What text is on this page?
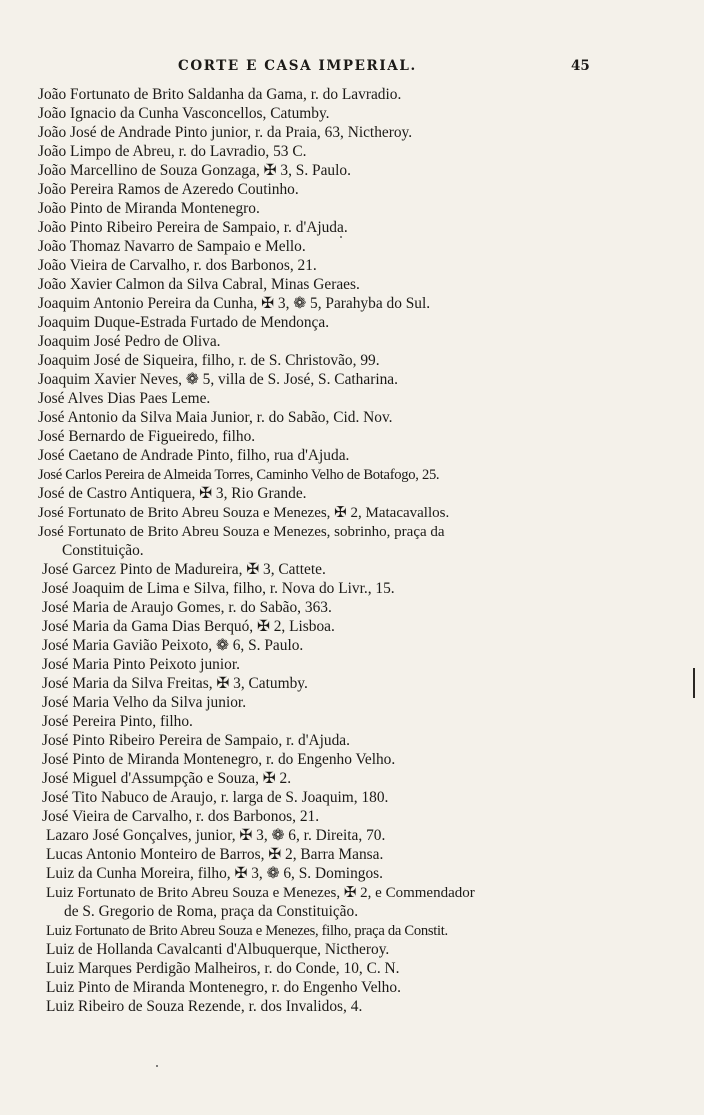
CORTE E CASA IMPERIAL.	45
João Fortunato de Brito Saldanha da Gama, r. do Lavradio.
João Ignacio da Cunha Vasconcellos, Catumby.
João José de Andrade Pinto junior, r. da Praia, 63, Nictheroy.
João Limpo de Abreu, r. do Lavradio, 53 C.
João Marcellino de Souza Gonzaga, ✠ 3, S. Paulo.
João Pereira Ramos de Azeredo Coutinho.
João Pinto de Miranda Montenegro.
João Pinto Ribeiro Pereira de Sampaio, r. d'Ajuda.
João Thomaz Navarro de Sampaio e Mello.
João Vieira de Carvalho, r. dos Barbonos, 21.
João Xavier Calmon da Silva Cabral, Minas Geraes.
Joaquim Antonio Pereira da Cunha, ✠ 3, ❁ 5, Parahyba do Sul.
Joaquim Duque-Estrada Furtado de Mendonça.
Joaquim José Pedro de Oliva.
Joaquim José de Siqueira, filho, r. de S. Christovão, 99.
Joaquim Xavier Neves, ❁ 5, villa de S. José, S. Catharina.
José Alves Dias Paes Leme.
José Antonio da Silva Maia Junior, r. do Sabão, Cid. Nov.
José Bernardo de Figueiredo, filho.
José Caetano de Andrade Pinto, filho, rua d'Ajuda.
José Carlos Pereira de Almeida Torres, Caminho Velho de Botafogo, 25.
José de Castro Antiquera, ✠ 3, Rio Grande.
José Fortunato de Brito Abreu Souza e Menezes, ✠ 2, Matacavallos.
José Fortunato de Brito Abreu Souza e Menezes, sobrinho, praça da
Constituição.
José Garcez Pinto de Madureira, ✠ 3, Cattete.
José Joaquim de Lima e Silva, filho, r. Nova do Livr., 15.
José Maria de Araujo Gomes, r. do Sabão, 363.
José Maria da Gama Dias Berquó, ✠ 2, Lisboa.
José Maria Gavião Peixoto, ❁ 6, S. Paulo.
José Maria Pinto Peixoto junior.
José Maria da Silva Freitas, ✠ 3, Catumby.
José Maria Velho da Silva junior.
José Pereira Pinto, filho.
José Pinto Ribeiro Pereira de Sampaio, r. d'Ajuda.
José Pinto de Miranda Montenegro, r. do Engenho Velho.
José Miguel d'Assumpção e Souza, ✠ 2.
José Tito Nabuco de Araujo, r. larga de S. Joaquim, 180.
José Vieira de Carvalho, r. dos Barbonos, 21.
Lazaro José Gonçalves, junior, ✠ 3, ❁ 6, r. Direita, 70.
Lucas Antonio Monteiro de Barros, ✠ 2, Barra Mansa.
Luiz da Cunha Moreira, filho, ✠ 3, ❁ 6, S. Domingos.
Luiz Fortunato de Brito Abreu Souza e Menezes, ✠ 2, e Commendador
de S. Gregorio de Roma, praça da Constituição.
Luiz Fortunato de Brito Abreu Souza e Menezes, filho, praça da Constit.
Luiz de Hollanda Cavalcanti d'Albuquerque, Nictheroy.
Luiz Marques Perdigão Malheiros, r. do Conde, 10, C. N.
Luiz Pinto de Miranda Montenegro, r. do Engenho Velho.
Luiz Ribeiro de Souza Rezende, r. dos Invalidos, 4.
